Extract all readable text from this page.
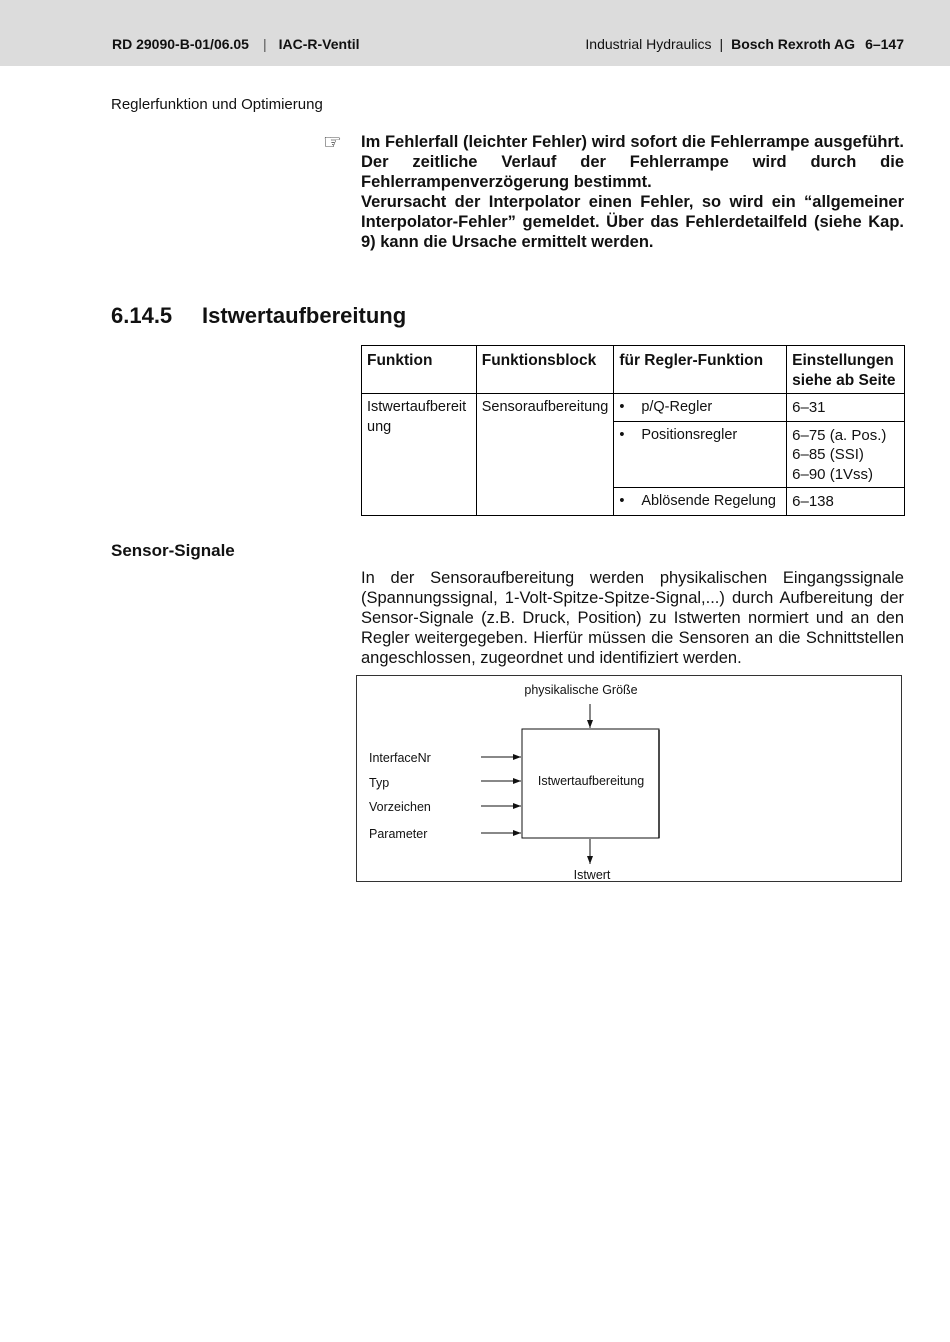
RD 29090-B-01/06.05 | IAC-R-Ventil	Industrial Hydraulics | Bosch Rexroth AG 6–147
Reglerfunktion und Optimierung
☞ Im Fehlerfall (leichter Fehler) wird sofort die Fehlerrampe ausgeführt. Der zeitliche Verlauf der Fehlerrampe wird durch die Fehlerrampenverzögerung bestimmt.

Verursacht der Interpolator einen Fehler, so wird ein “allgemeiner Interpolator-Fehler” gemeldet. Über das Fehlerdetailfeld (siehe Kap. 9) kann die Ursache ermittelt werden.

6.14.5 Istwertaufbereitung
Funktion	Funktionsblock	für Regler-Funktion	Einstellungen siehe ab Seite
Istwertaufbereitung	Sensoraufbereitung	• p/Q-Regler	6–31

		• Positionsregler	6–75 (a. Pos.)
6–85 (SSI)
6–90 (1Vss)

		• Ablösende Regelung	6–138
Sensor-Signale

In der Sensoraufbereitung werden physikalischen Eingangssignale (Spannungssignal, 1-Volt-Spitze-Spitze-Signal,...) durch Aufbereitung der Sensor-Signale (z.B. Druck, Position) zu Istwerten normiert und an den Regler weitergegeben. Hierfür müssen die Sensoren an die Schnittstellen angeschlossen, zugeordnet und identifiziert werden.

physikalische Größe
Istwertaufbereitung
InterfaceNr
Typ
Vorzeichen
Parameter
Istwert
